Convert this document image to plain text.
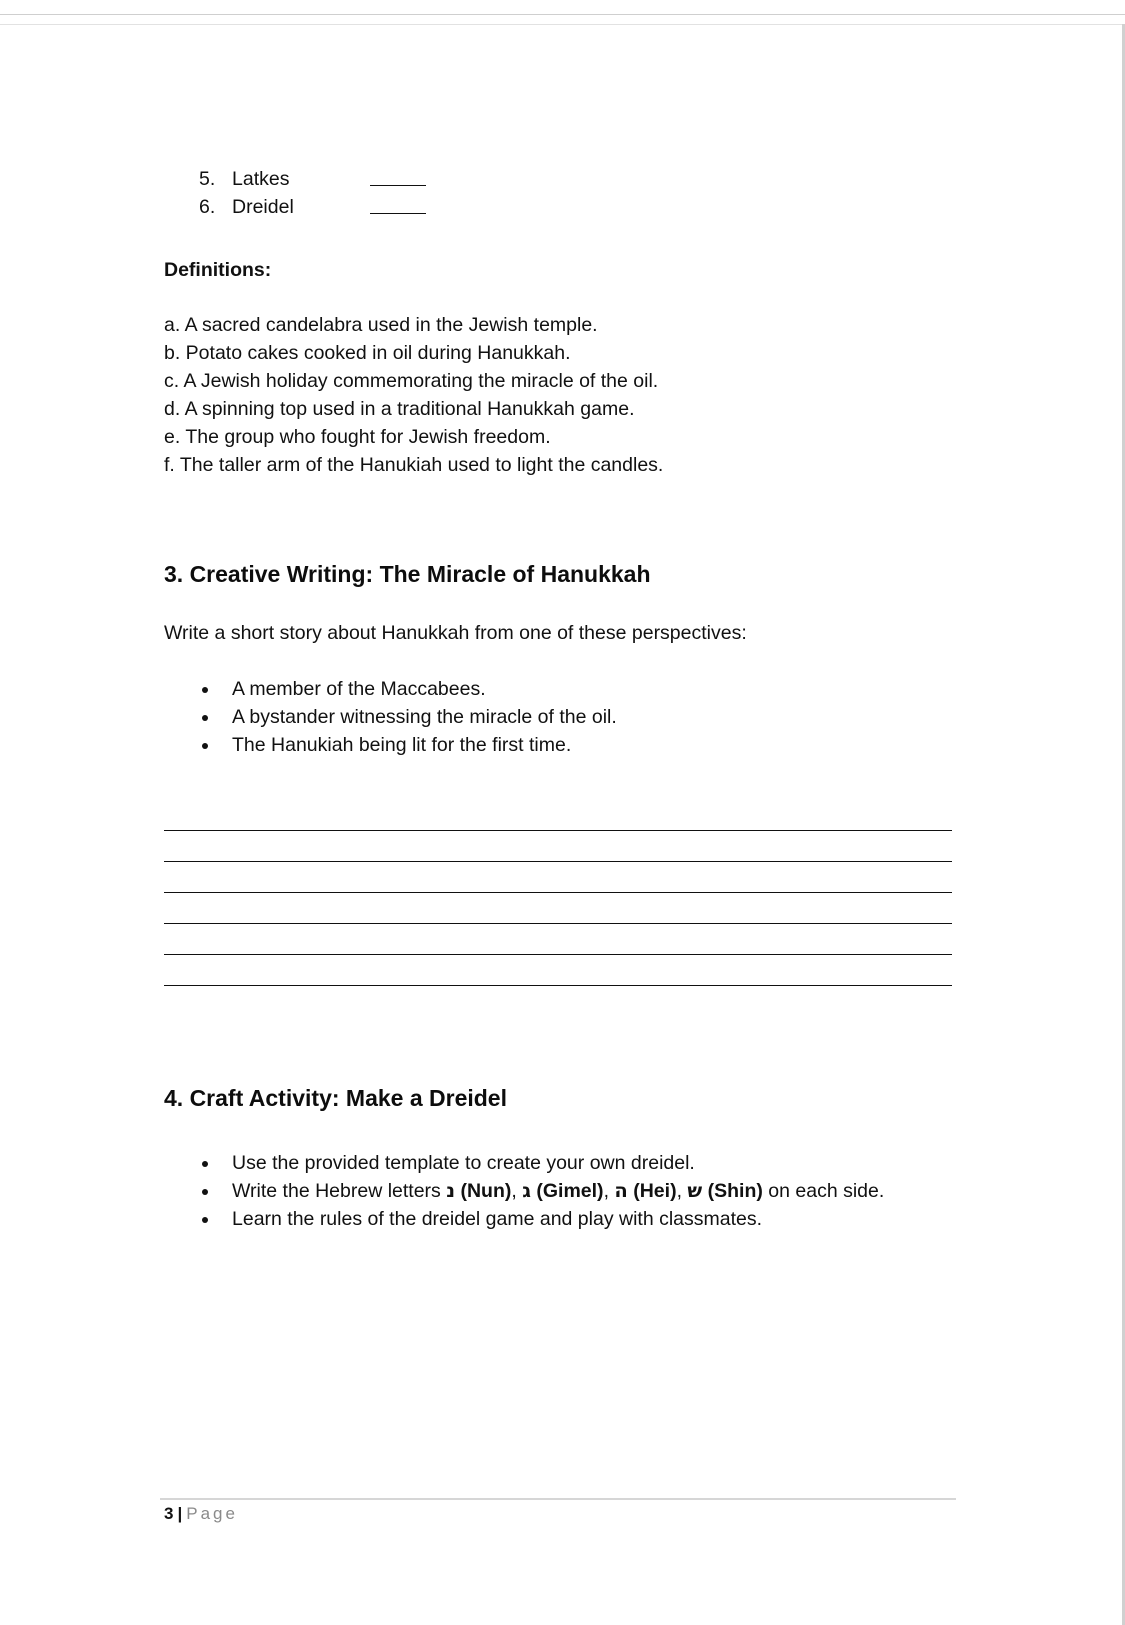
5. Latkes
6. Dreidel
Definitions:
a. A sacred candelabra used in the Jewish temple.
b. Potato cakes cooked in oil during Hanukkah.
c. A Jewish holiday commemorating the miracle of the oil.
d. A spinning top used in a traditional Hanukkah game.
e. The group who fought for Jewish freedom.
f. The taller arm of the Hanukiah used to light the candles.
3. Creative Writing: The Miracle of Hanukkah
Write a short story about Hanukkah from one of these perspectives:
A member of the Maccabees.
A bystander witnessing the miracle of the oil.
The Hanukiah being lit for the first time.
4. Craft Activity: Make a Dreidel
Use the provided template to create your own dreidel.
Write the Hebrew letters נ (Nun), ג (Gimel), ה (Hei), ש (Shin) on each side.
Learn the rules of the dreidel game and play with classmates.
3 | Page
